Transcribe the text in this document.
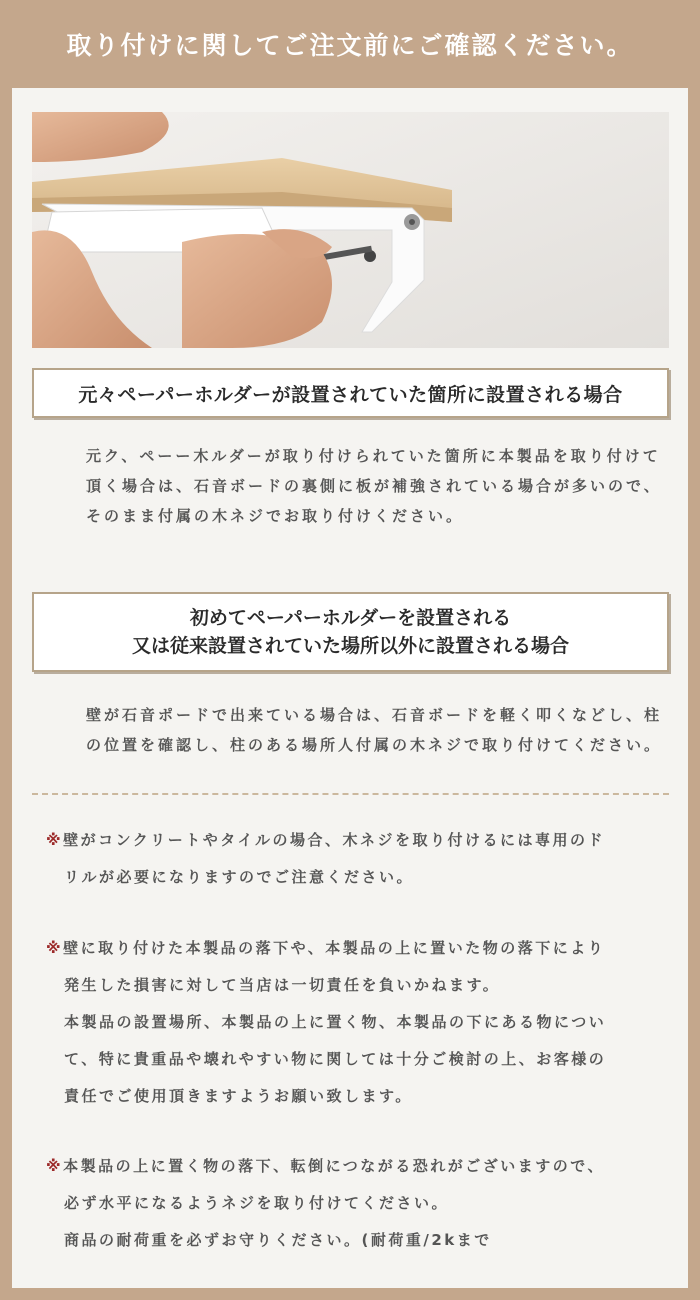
取り付けに関してご注文前にご確認ください。
元々ペーパーホルダーが設置されていた箇所に設置される場合
元ク、ペーー木ルダーが取り付けられていた箇所に本製品を取り付けて
頂く場合は、石音ボードの裏側に板が補強されている場合が多いので、
そのまま付属の木ネジでお取り付けください。
初めてペーパーホルダーを設置される
又は従来設置されていた場所以外に設置される場合
壁が石音ポードで出来ている場合は、石音ボードを軽く叩くなどし、柱
の位置を確認し、柱のある場所人付属の木ネジで取り付けてください。
※壁がコンクリートやタイルの場合、木ネジを取り付けるには専用のド
リルが必要になりますのでご注意ください。
※壁に取り付けた本製品の落下や、本製品の上に置いた物の落下により
発生した損害に対して当店は一切責任を負いかねます。
本製品の設置場所、本製品の上に置く物、本製品の下にある物につい
て、特に貴重品や壊れやすい物に関しては十分ご検討の上、お客様の
責任でご使用頂きますようお願い致します。
※本製品の上に置く物の落下、転倒につながる恐れがございますので、
必ず水平になるようネジを取り付けてください。
商品の耐荷重を必ずお守りください。(耐荷重/2kまで
